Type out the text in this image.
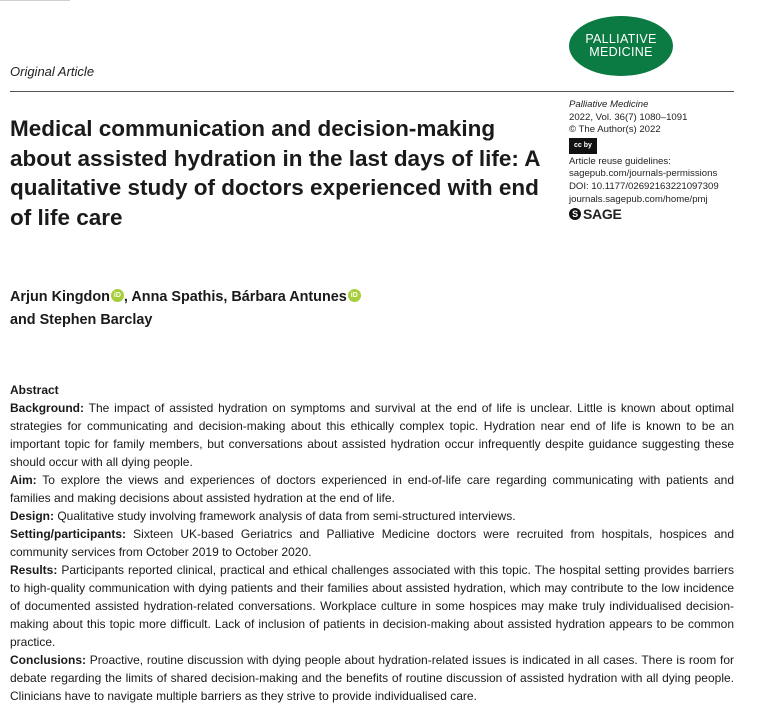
Original Article
PALLIATIVE
MEDICINE
Medical communication and decision-making about assisted hydration in the last days of life: A qualitative study of doctors experienced with end of life care
Palliative Medicine
2022, Vol. 36(7) 1080–1091
© The Author(s) 2022
cc by
Article reuse guidelines:
sagepub.com/journals-permissions
DOI: 10.1177/02692163221097309
journals.sagepub.com/home/pmj
S SAGE
Arjun Kingdon iD , Anna Spathis, Bárbara Antunes iD
and Stephen Barclay

Abstract

Background: The impact of assisted hydration on symptoms and survival at the end of life is unclear. Little is known about optimal strategies for communicating and decision-making about this ethically complex topic. Hydration near end of life is known to be an important topic for family members, but conversations about assisted hydration occur infrequently despite guidance suggesting these should occur with all dying people.

Aim: To explore the views and experiences of doctors experienced in end-of-life care regarding communicating with patients and families and making decisions about assisted hydration at the end of life.

Design: Qualitative study involving framework analysis of data from semi-structured interviews.

Setting/participants: Sixteen UK-based Geriatrics and Palliative Medicine doctors were recruited from hospitals, hospices and community services from October 2019 to October 2020.

Results: Participants reported clinical, practical and ethical challenges associated with this topic. The hospital setting provides barriers to high-quality communication with dying patients and their families about assisted hydration, which may contribute to the low incidence of documented assisted hydration-related conversations. Workplace culture in some hospices may make truly individualised decision-making about this topic more difficult. Lack of inclusion of patients in decision-making about assisted hydration appears to be common practice.

Conclusions: Proactive, routine discussion with dying people about hydration-related issues is indicated in all cases. There is room for debate regarding the limits of shared decision-making and the benefits of routine discussion of assisted hydration with all dying people. Clinicians have to navigate multiple barriers as they strive to provide individualised care.
